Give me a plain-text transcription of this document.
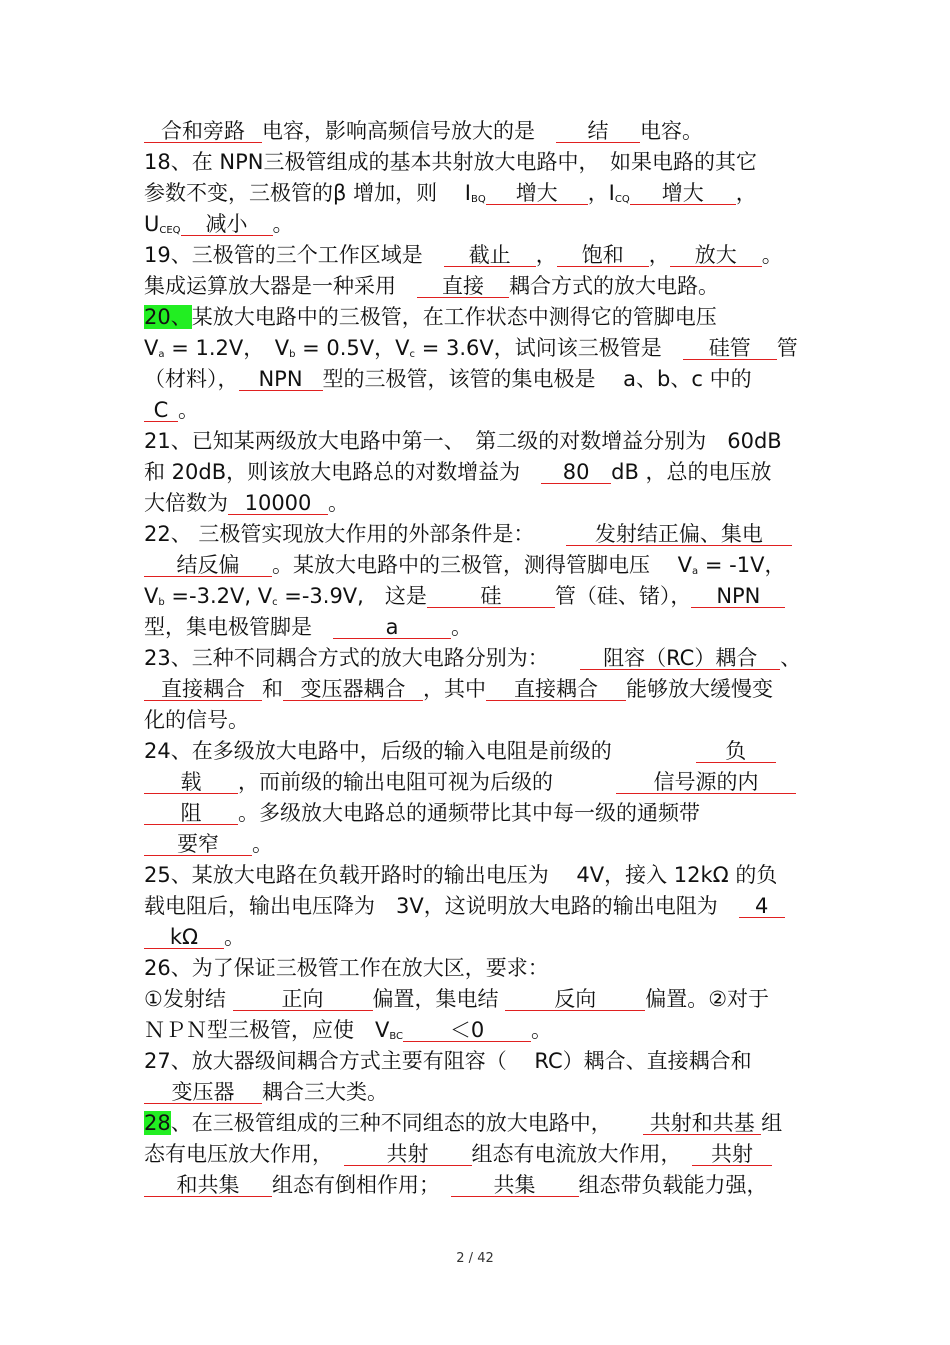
合和旁路 电容，影响高频信号放大的是　结 电容。
18、在 NPN三极管组成的基本共射放大电路中，　如果电路的其它
参数不变，三极管的β 增加，则　 $I_{BQ}$ 增大 ，$I_{CQ}$ 增大 ，
$U_{CEQ}$ 减小 。
19、三极管的三个工作区域是　截止 ， 饱和 ， 放大 。
集成运算放大器是一种采用　直接 耦合方式的放大电路。
20、某放大电路中的三极管，在工作状态中测得它的管脚电压
$V_a = 1.2V$，　$V_b = 0.5V$，$V_c = 3.6V$，试问该三极管是　硅管 管
（材料）， NPN 型的三极管，该管的集电极是　 a、b、c 中的
C 。
21、已知某两级放大电路中第一、　第二级的对数增益分别为　60dB
和 20dB，则该放大电路总的对数增益为　80 dB ，总的电压放
大倍数为 10000 。
22、 三极管实现放大作用的外部条件是：　　发射结正偏、集电
结反偏 。某放大电路中的三极管，测得管脚电压　 $V_a = -1V$，
$V_b =-3.2V$, $V_c =-3.9V$,　这是	硅	管（硅、锗）， NPN
型，集电极管脚是　	a	。
23、三种不同耦合方式的放大电路分别为：　　阻容（RC）耦合 、
直接耦合 和 变压器耦合 ，其中 直接耦合 能够放大缓慢变
化的信号。
24、在多级放大电路中，后级的输入电阻是前级的　　　　负
载 ，而前级的输出电阻可视为后级的　　　信号源的内
阻 。多级放大电路总的通频带比其中每一级的通频带
要窄 。
25、某放大电路在负载开路时的输出电压为　 4V，接入 12kΩ 的负
载电阻后，输出电压降为　3V，这说明放大电路的输出电阻为　4
kΩ 。
26、为了保证三极管工作在放大区，要求：
①发射结 正向 偏置，集电结 反向 偏置。②对于
ＮＰＮ型三极管，应使　$V_{BC} <0$ 。
27、放大器级间耦合方式主要有阻容（　 RC）耦合、直接耦合和
变压器 耦合三大类。
28、在三极管组成的三种不同组态的放大电路中，　　共射和共基 组
态有电压放大作用，　共射 组态有电流放大作用，　共射
和共集 组态有倒相作用；　共集 组态带负载能力强，
2 / 42
